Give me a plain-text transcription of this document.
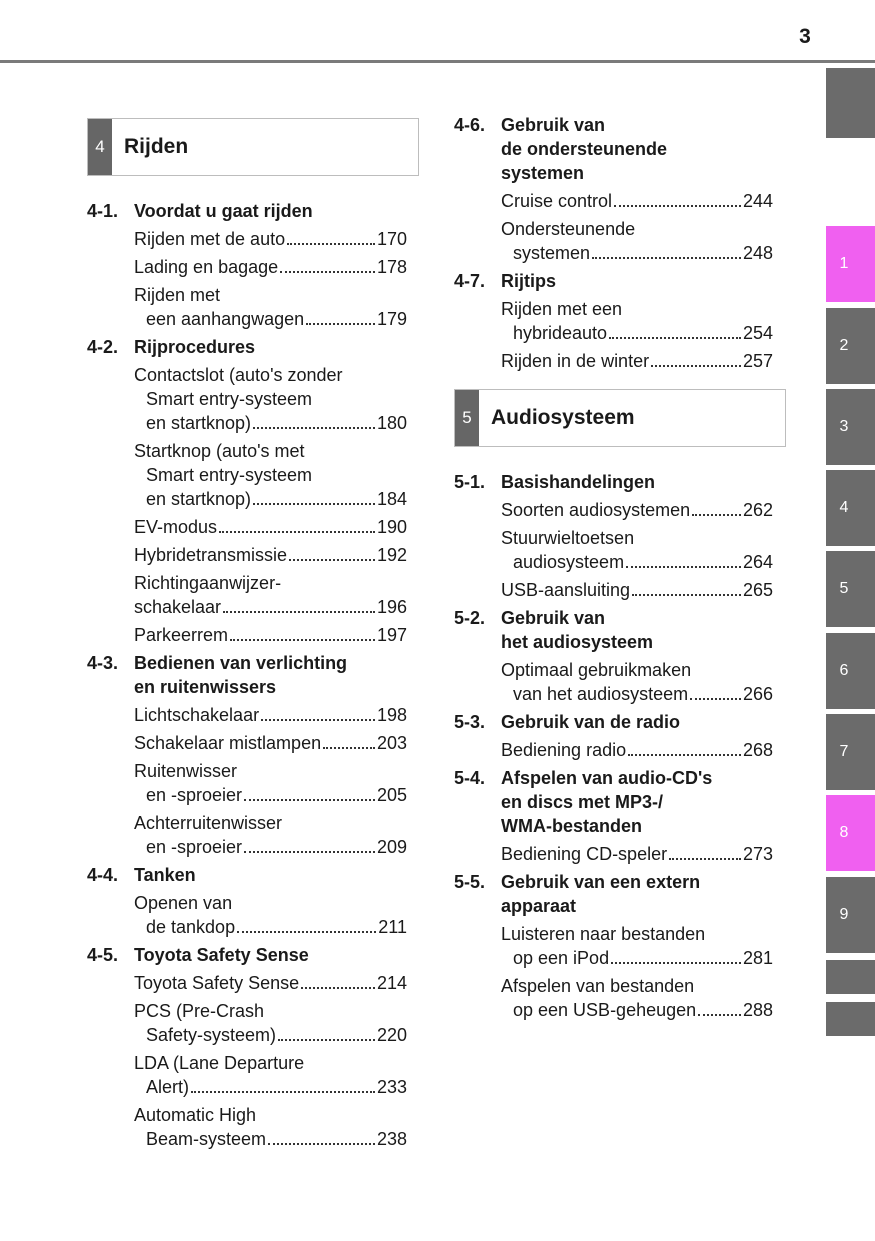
3
1
2
3
4
5
6
7
8
9
4 Rijden
5 Audiosysteem
4-1. Voordat u gaat rijden
Rijden met de auto	170
Lading en bagage	178
Rijden met
een aanhangwagen	179
4-2. Rijprocedures
Contactslot (auto's zonder
Smart entry-systeem
en startknop)	180
Startknop (auto's met
Smart entry-systeem
en startknop)	184
EV-modus	190
Hybridetransmissie	192
Richtingaanwijzer-
schakelaar	196
Parkeerrem	197
4-3. Bedienen van verlichting
en ruitenwissers
Lichtschakelaar	198
Schakelaar mistlampen	203
Ruitenwisser
en -sproeier	205
Achterruitenwisser
en -sproeier	209
4-4. Tanken
Openen van
de tankdop	211
4-5. Toyota Safety Sense
Toyota Safety Sense	214
PCS (Pre-Crash
Safety-systeem)	220
LDA (Lane Departure
Alert)	233
Automatic High
Beam-systeem	238
4-6. Gebruik van
de ondersteunende
systemen
Cruise control	244
Ondersteunende
systemen	248
4-7. Rijtips
Rijden met een
hybrideauto	254
Rijden in de winter	257
5-1. Basishandelingen
Soorten audiosystemen	262
Stuurwieltoetsen
audiosysteem	264
USB-aansluiting	265
5-2. Gebruik van
het audiosysteem
Optimaal gebruikmaken
van het audiosysteem	266
5-3. Gebruik van de radio
Bediening radio	268
5-4. Afspelen van audio-CD's
en discs met MP3-/
WMA-bestanden
Bediening CD-speler	273
5-5. Gebruik van een extern
apparaat
Luisteren naar bestanden
op een iPod	281
Afspelen van bestanden
op een USB-geheugen	288
